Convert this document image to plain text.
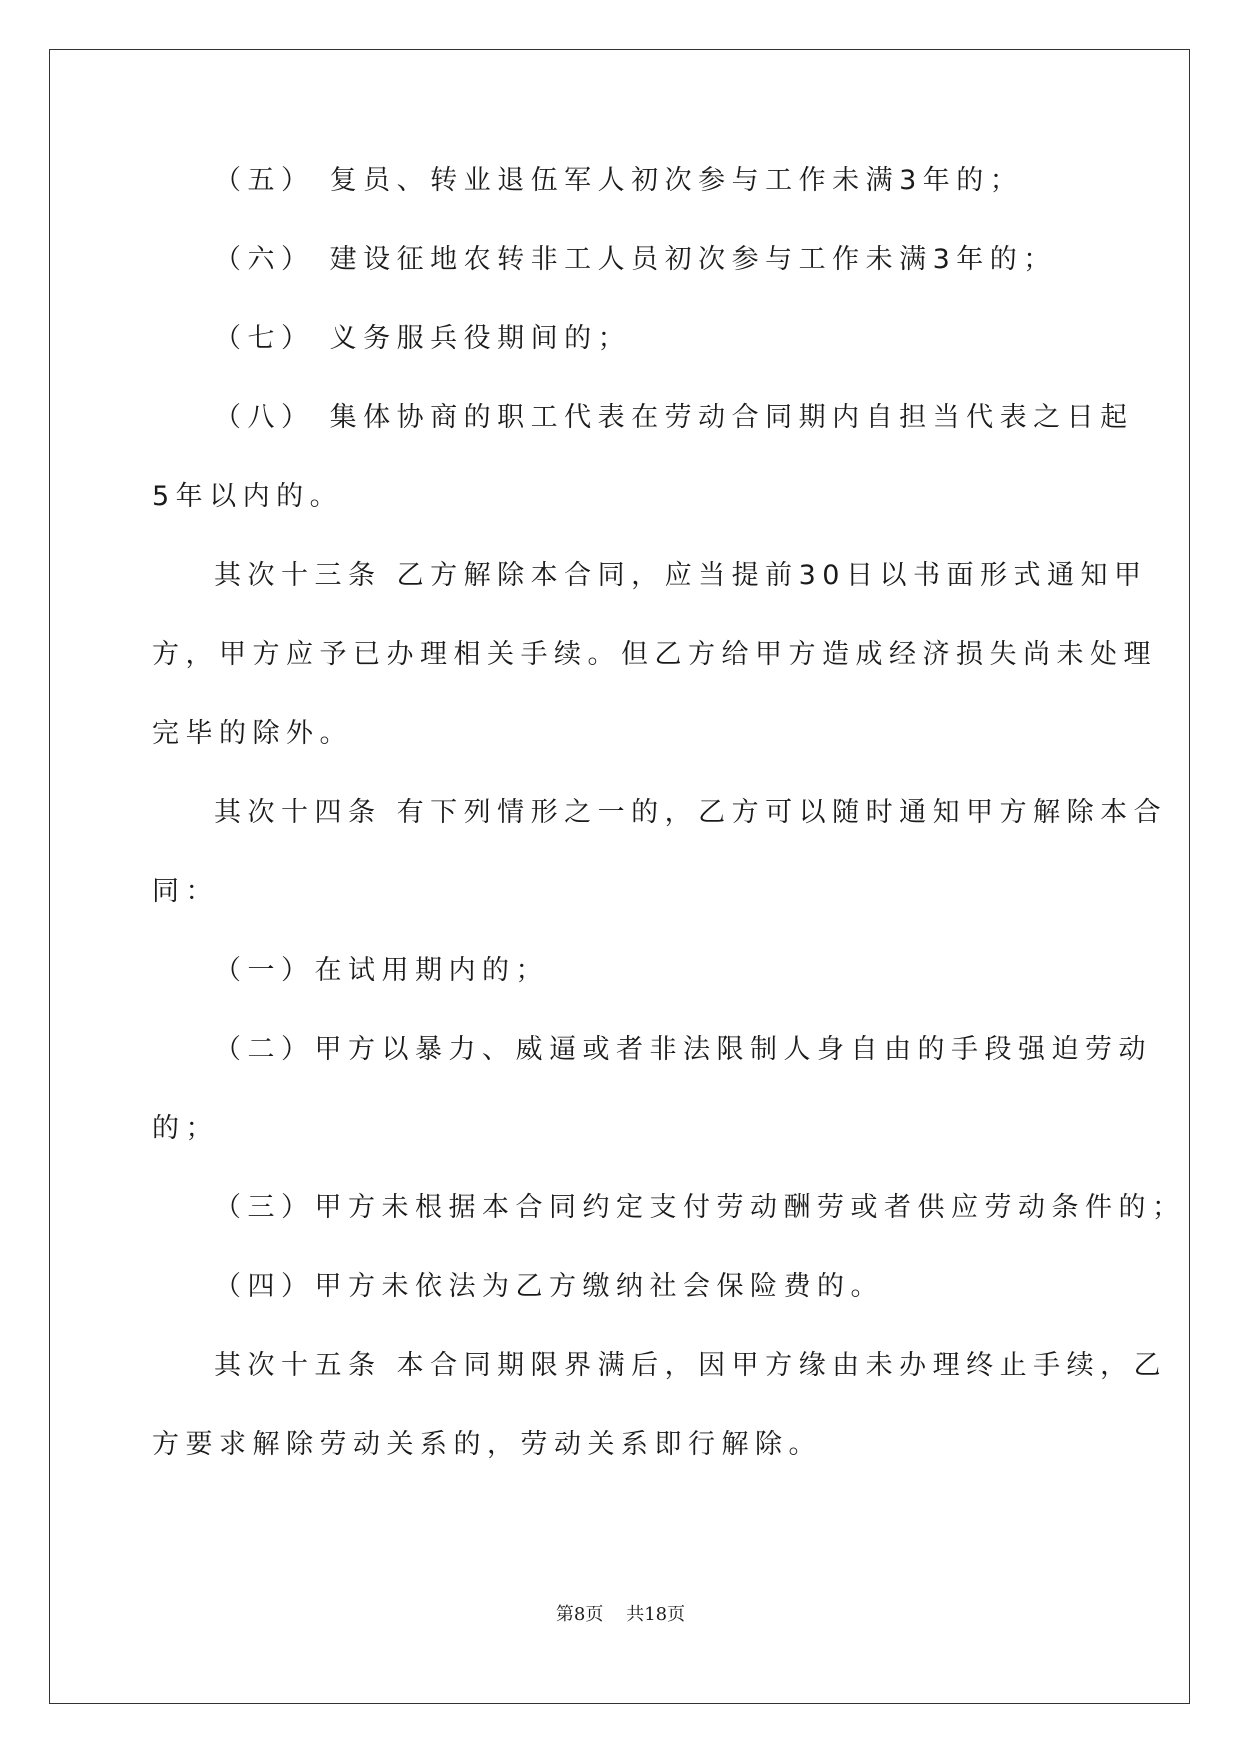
（五） 复员、转业退伍军人初次参与工作未满3年的；
（六） 建设征地农转非工人员初次参与工作未满3年的；
（七） 义务服兵役期间的；
（八） 集体协商的职工代表在劳动合同期内自担当代表之日起
5年以内的。
其次十三条 乙方解除本合同，应当提前30日以书面形式通知甲
方，甲方应予已办理相关手续。但乙方给甲方造成经济损失尚未处理
完毕的除外。
其次十四条 有下列情形之一的，乙方可以随时通知甲方解除本合
同：
（一）在试用期内的；
（二）甲方以暴力、威逼或者非法限制人身自由的手段强迫劳动
的；
（三）甲方未根据本合同约定支付劳动酬劳或者供应劳动条件的；
（四）甲方未依法为乙方缴纳社会保险费的。
其次十五条 本合同期限界满后，因甲方缘由未办理终止手续，乙
方要求解除劳动关系的，劳动关系即行解除。
第8页 共18页
